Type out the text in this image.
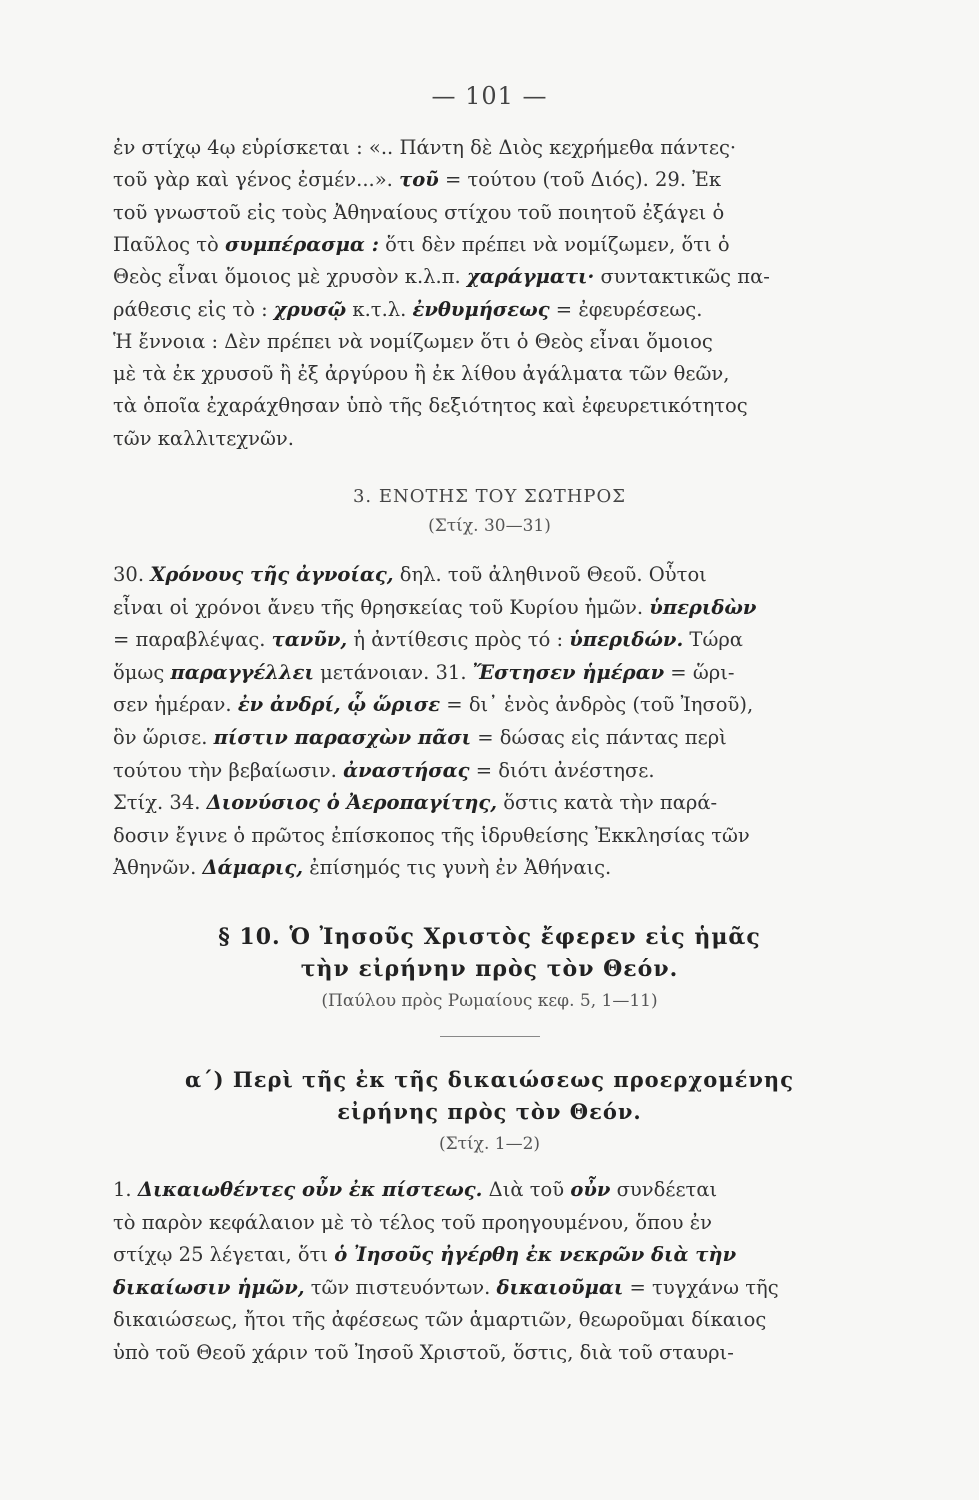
— 101 —
ἐν στίχῳ 4ῳ εὑρίσκεται : «.. Πάντη δὲ Διὸς κεχρήμεθα πάντες·
τοῦ γὰρ καὶ γένος ἐσμέν...». τοῦ = τούτου (τοῦ Διός). 29. Ἐκ
τοῦ γνωστοῦ εἰς τοὺς Ἀθηναίους στίχου τοῦ ποιητοῦ ἐξάγει ὁ
Παῦλος τὸ συμπέρασμα : ὅτι δὲν πρέπει νὰ νομίζωμεν, ὅτι ὁ
Θεὸς εἶναι ὅμοιος μὲ χρυσὸν κ.λ.π. χαράγματι· συντακτικῶς πα-
ράθεσις εἰς τὸ : χρυσῷ κ.τ.λ. ἐνθυμήσεως = ἐφευρέσεως.
Ἡ ἔννοια : Δὲν πρέπει νὰ νομίζωμεν ὅτι ὁ Θεὸς εἶναι ὅμοιος
μὲ τὰ ἐκ χρυσοῦ ἢ ἐξ ἀργύρου ἢ ἐκ λίθου ἀγάλματα τῶν θεῶν,
τὰ ὁποῖα ἐχαράχθησαν ὑπὸ τῆς δεξιότητος καὶ ἐφευρετικότητος
τῶν καλλιτεχνῶν.
3. ΕΝΟΤΗΣ ΤΟΥ ΣΩΤΗΡΟΣ
(Στίχ. 30—31)
30. Χρόνους τῆς ἀγνοίας, δηλ. τοῦ ἀληθινοῦ Θεοῦ. Οὗτοι
εἶναι οἱ χρόνοι ἄνευ τῆς θρησκείας τοῦ Κυρίου ἡμῶν. ὑπεριδὼν
= παραβλέψας. τανῦν, ἡ ἀντίθεσις πρὸς τό : ὑπεριδών. Τώρα
ὅμως παραγγέλλει μετάνοιαν. 31. Ἔστησεν ἡμέραν = ὥρι-
σεν ἡμέραν. ἐν ἀνδρί, ᾧ ὥρισε = δι᾿ ἑνὸς ἀνδρὸς (τοῦ Ἰησοῦ),
ὃν ὥρισε. πίστιν παρασχὼν πᾶσι = δώσας εἰς πάντας περὶ
τούτου τὴν βεβαίωσιν. ἀναστήσας = διότι ἀνέστησε.
Στίχ. 34. Διονύσιος ὁ Ἀεροπαγίτης, ὅστις κατὰ τὴν παρά-
δοσιν ἔγινε ὁ πρῶτος ἐπίσκοπος τῆς ἱδρυθείσης Ἐκκλησίας τῶν
Ἀθηνῶν. Δάμαρις, ἐπίσημός τις γυνὴ ἐν Ἀθήναις.
§ 10. Ὁ Ἰησοῦς Χριστὸς ἔφερεν εἰς ἡμᾶς
τὴν εἰρήνην πρὸς τὸν Θεόν.
(Παύλου πρὸς Ρωμαίους κεφ. 5, 1—11)
α΄) Περὶ τῆς ἐκ τῆς δικαιώσεως προερχομένης
εἰρήνης πρὸς τὸν Θεόν.
(Στίχ. 1—2)
1. Δικαιωθέντες οὖν ἐκ πίστεως. Διὰ τοῦ οὖν συνδέεται
τὸ παρὸν κεφάλαιον μὲ τὸ τέλος τοῦ προηγουμένου, ὅπου ἐν
στίχῳ 25 λέγεται, ὅτι ὁ Ἰησοῦς ἠγέρθη ἐκ νεκρῶν διὰ τὴν
δικαίωσιν ἡμῶν, τῶν πιστευόντων. δικαιοῦμαι = τυγχάνω τῆς
δικαιώσεως, ἤτοι τῆς ἀφέσεως τῶν ἁμαρτιῶν, θεωροῦμαι δίκαιος
ὑπὸ τοῦ Θεοῦ χάριν τοῦ Ἰησοῦ Χριστοῦ, ὅστις, διὰ τοῦ σταυρι-
